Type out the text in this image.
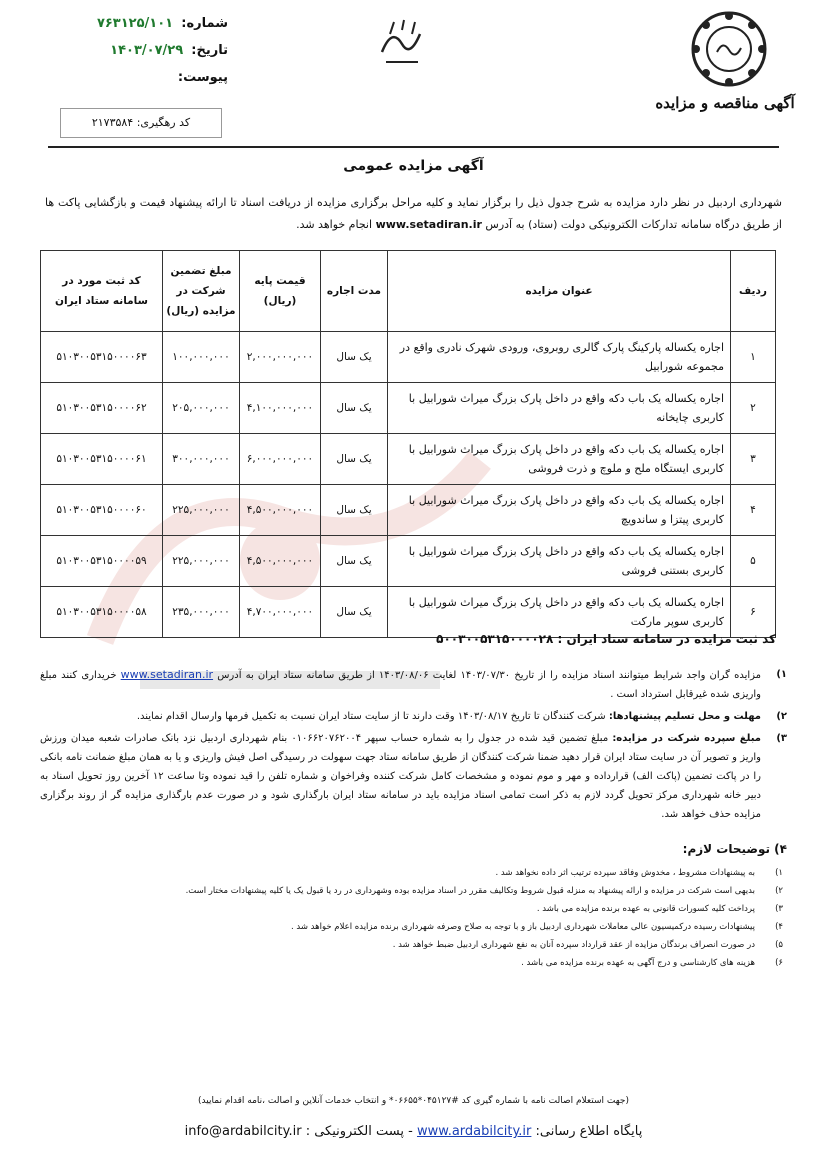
آگهی مناقصه و مزایده
شماره: ۷۶۳۱۲۵/۱۰۱
تاریخ: ۱۴۰۳/۰۷/۲۹
پیوست:
کد رهگیری: ۲۱۷۳۵۸۴
آگهی مزایده عمومی
شهرداری اردبیل در نظر دارد مزایده به شرح جدول ذیل را برگزار نماید و کلیه مراحل برگزاری مزایده از دریافت اسناد تا ارائه پیشنهاد قیمت و بازگشایی پاکت ها از طریق درگاه سامانه تدارکات الکترونیکی دولت (ستاد) به آدرس www.setadiran.ir انجام خواهد شد.
ردیف	عنوان مزایده	مدت اجاره	قیمت پایه (ریال)	مبلغ تضمین شرکت در مزایده (ریال)	کد ثبت مورد در سامانه ستاد ایران
۱	اجاره یکساله پارکینگ پارک گالری روبروی، ورودی شهرک نادری واقع در مجموعه شورابیل	یک سال	۲,۰۰۰,۰۰۰,۰۰۰	۱۰۰,۰۰۰,۰۰۰	۵۱۰۳۰۰۵۳۱۵۰۰۰۰۶۳
۲	اجاره یکساله یک باب دکه واقع در داخل پارک بزرگ میراث شورابیل با کاربری چایخانه	یک سال	۴,۱۰۰,۰۰۰,۰۰۰	۲۰۵,۰۰۰,۰۰۰	۵۱۰۳۰۰۵۳۱۵۰۰۰۰۶۲
۳	اجاره یکساله یک باب دکه واقع در داخل پارک بزرگ میراث شورابیل با کاربری ایستگاه ملح و ملوچ و ذرت فروشی	یک سال	۶,۰۰۰,۰۰۰,۰۰۰	۳۰۰,۰۰۰,۰۰۰	۵۱۰۳۰۰۵۳۱۵۰۰۰۰۶۱
۴	اجاره یکساله یک باب دکه واقع در داخل پارک بزرگ میراث شورابیل با کاربری پیتزا و ساندویچ	یک سال	۴,۵۰۰,۰۰۰,۰۰۰	۲۲۵,۰۰۰,۰۰۰	۵۱۰۳۰۰۵۳۱۵۰۰۰۰۶۰
۵	اجاره یکساله یک باب دکه واقع در داخل پارک بزرگ میراث شورابیل با کاربری بستنی فروشی	یک سال	۴,۵۰۰,۰۰۰,۰۰۰	۲۲۵,۰۰۰,۰۰۰	۵۱۰۳۰۰۵۳۱۵۰۰۰۰۵۹
۶	اجاره یکساله یک باب دکه واقع در داخل پارک بزرگ میراث شورابیل با کاربری سوپر مارکت	یک سال	۴,۷۰۰,۰۰۰,۰۰۰	۲۳۵,۰۰۰,۰۰۰	۵۱۰۳۰۰۵۳۱۵۰۰۰۰۵۸
کد ثبت مزایده در سامانه ستاد ایران : ۵۰۰۳۰۰۵۳۱۵۰۰۰۰۲۸
۱)
مزایده گران واجد شرایط میتوانند اسناد مزایده را از تاریخ ۱۴۰۳/۰۷/۳۰ لغایت ۱۴۰۳/۰۸/۰۶ از طریق سامانه ستاد ایران به آدرس www.setadiran.ir خریداری کنند مبلغ واریزی شده غیرقابل استرداد است .
۲)
مهلت و محل تسلیم پیشنهادها: شرکت کنندگان تا تاریخ ۱۴۰۳/۰۸/۱۷ وقت دارند تا از سایت ستاد ایران نسبت به تکمیل فرمها وارسال اقدام نمایند.
۳)
مبلغ سپرده شرکت در مزایده: مبلغ تضمین قید شده در جدول را به شماره حساب سپهر ۰۱۰۶۶۲۰۷۶۲۰۰۴ بنام شهرداری اردبیل نزد بانک صادرات شعبه میدان ورزش واریز و تصویر آن در سایت ستاد ایران قرار دهید ضمنا شرکت کنندگان از طریق سامانه ستاد جهت سهولت در رسیدگی اصل فیش واریزی و یا به همان مبلغ ضمانت نامه بانکی را در پاکت تضمین (پاکت الف) قرارداده و مهر و موم نموده و مشخصات کامل شرکت کننده وفراخوان و شماره تلفن را قید نموده وتا ساعت ۱۲ آخرین روز تحویل اسناد به دبیر خانه شهرداری مرکز تحویل گردد لازم به ذکر است تمامی اسناد مزایده باید در سامانه ستاد ایران بارگذاری شود و در صورت عدم بارگذاری مزایده گر از روند برگزاری مزایده حذف خواهد شد.
۴) توضیحات لازم:
۱)
به پیشنهادات مشروط ، مخدوش وفاقد سپرده ترتیب اثر داده نخواهد شد .
۲)
بدیهی است شرکت در مزایده و ارائه پیشنهاد به منزله قبول شروط وتکالیف مقرر در اسناد مزایده بوده وشهرداری در رد یا قبول یک یا کلیه پیشنهادات مختار است.
۳)
پرداخت کلیه کسورات قانونی به عهده برنده مزایده می باشد .
۴)
پیشنهادات رسیده درکمیسیون عالی معاملات شهرداری اردبیل باز و با توجه به صلاح وصرفه شهرداری برنده مزایده اعلام خواهد شد .
۵)
در صورت انصراف برندگان مزایده از عقد قرارداد سپرده آنان به نفع شهرداری اردبیل ضبط خواهد شد .
۶)
هزینه های کارشناسی و درج آگهی به عهده برنده مزایده می باشد .
(جهت استعلام اصالت نامه با شماره گیری کد #۰۴۵۱۲۷*۰۶۶۵۵* و انتخاب خدمات آنلاین و اصالت ،نامه اقدام نمایید)
پایگاه اطلاع رسانی: www.ardabilcity.ir - پست الکترونیکی : info@ardabilcity.ir
